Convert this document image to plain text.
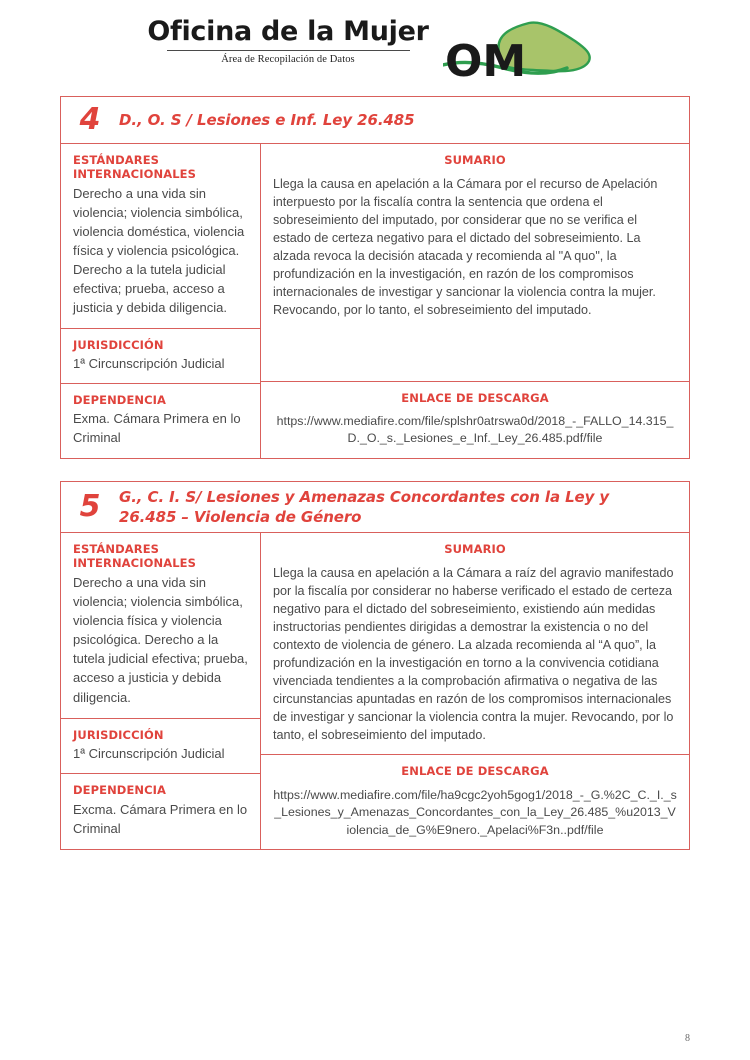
Oficina de la Mujer
Área de Recopilación de Datos OM
4	D., O. S / Lesiones e Inf. Ley 26.485
ESTÁNDARES
INTERNACIONALES
Derecho a una vida sin violencia; violencia simbólica, violencia doméstica, violencia física y violencia psicológica. Derecho a la tutela judicial efectiva; prueba, acceso a justicia y debida diligencia.
JURISDICCIÓN
1ª Circunscripción Judicial
DEPENDENCIA
Exma. Cámara Primera en lo Criminal
SUMARIO
Llega la causa en apelación a la Cámara por el recurso de Apelación interpuesto por la fiscalía contra la sentencia que ordena el sobreseimiento del imputado, por considerar que no se verifica el estado de certeza negativo para el dictado del sobreseimiento. La alzada revoca la decisión atacada y recomienda al "A quo", la profundización en la investigación, en razón de los compromisos internacionales de investigar y sancionar la violencia contra la mujer. Revocando, por lo tanto, el sobreseimiento del imputado.
ENLACE DE DESCARGA
https://www.mediafire.com/file/splshr0atrswa0d/2018_-_FALLO_14.315_D._O._s._Lesiones_e_Inf._Ley_26.485.pdf/file
5	G., C. I. S/ Lesiones y Amenazas Concordantes con la Ley y 26.485 – Violencia de Género
ESTÁNDARES
INTERNACIONALES
Derecho a una vida sin violencia; violencia simbólica, violencia física y violencia psicológica. Derecho a la tutela judicial efectiva; prueba, acceso a justicia y debida diligencia.
JURISDICCIÓN
1ª Circunscripción Judicial
DEPENDENCIA
Excma. Cámara Primera en lo Criminal
SUMARIO
Llega la causa en apelación a la Cámara a raíz del agravio manifestado por la fiscalía por considerar no haberse verificado el estado de certeza negativo para el dictado del sobreseimiento, existiendo aún medidas instructorias pendientes dirigidas a demostrar la existencia o no del contexto de violencia de género. La alzada recomienda al “A quo”, la profundización en la investigación en torno a la convivencia cotidiana vivenciada tendientes a la comprobación afirmativa o negativa de las circunstancias apuntadas en razón de los compromisos internacionales de investigar y sancionar la violencia contra la mujer. Revocando, por lo tanto, el sobreseimiento del imputado.
ENLACE DE DESCARGA
https://www.mediafire.com/file/ha9cgc2yoh5gog1/2018_-_G.%2C_C._I._s_Lesiones_y_Amenazas_Concordantes_con_la_Ley_26.485_%u2013_Violencia_de_G%E9nero._Apelaci%F3n..pdf/file
8
